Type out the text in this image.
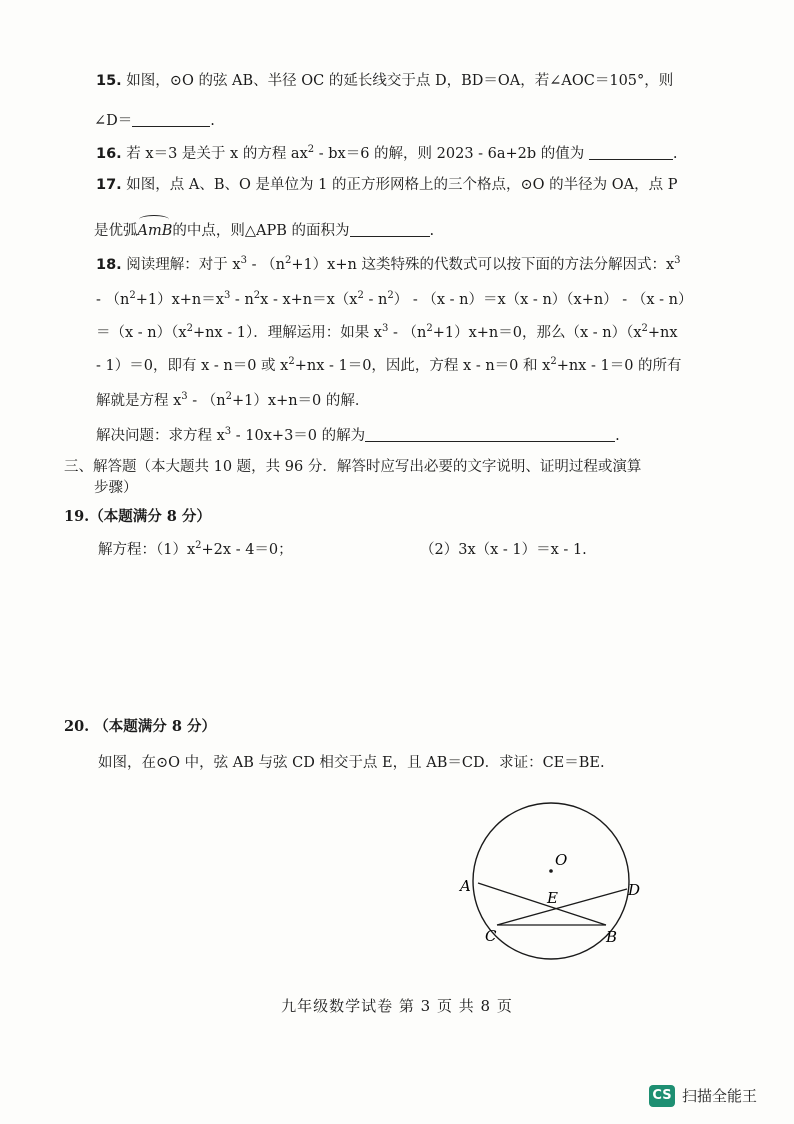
15. 如图，⊙O 的弦 AB、半径 OC 的延长线交于点 D，BD＝OA，若∠AOC＝105°，则
∠D＝	.
16. 若 x＝3 是关于 x 的方程 $ax^2 - bx=6$ 的解，则 2023 - 6a+2b 的值为	.
17. 如图，点 A、B、O 是单位为 1 的正方形网格上的三个格点，⊙O 的半径为 OA，点 P
是优弧
AmB的中点，则△APB 的面积为	.
18. 阅读理解：对于 $x^3 - (n^2+1)x+n$ 这类特殊的代数式可以按下面的方法分解因式：$x^3$
- $(n^2+1)x+n=x^3 - n^2x - x+n=x(x^2 - n^2) - (x - n)=x(x - n)(x+n) - (x - n)$
$=(x - n)(x^2+nx - 1)$．理解运用：如果 $x^3 - (n^2+1)x+n=0$，那么$(x - n)(x^2+nx$
- 1）＝0，即有 x - n＝0 或 $x^2+nx - 1=0$，因此，方程 x - n＝0 和 $x^2+nx - 1=0$ 的所有
解就是方程 $x^3 - (n^2+1)x+n=0$ 的解．
解决问题：求方程 $x^3 - 10x+3=0$ 的解为	.
三、解答题（本大题共 10 题，共 96 分．解答时应写出必要的文字说明、证明过程或演算
步骤）
19.（本题满分 8 分）
解方程：$(1)x^2+2x - 4=0$；	（2）3x（x - 1）＝x - 1.
20. （本题满分 8 分）
如图，在⊙O 中，弦 AB 与弦 CD 相交于点 E，且 AB＝CD．求证：CE＝BE.
O
A	D
E
C	B
九年级数学试卷 第 3 页 共 8 页
CS 扫描全能王
